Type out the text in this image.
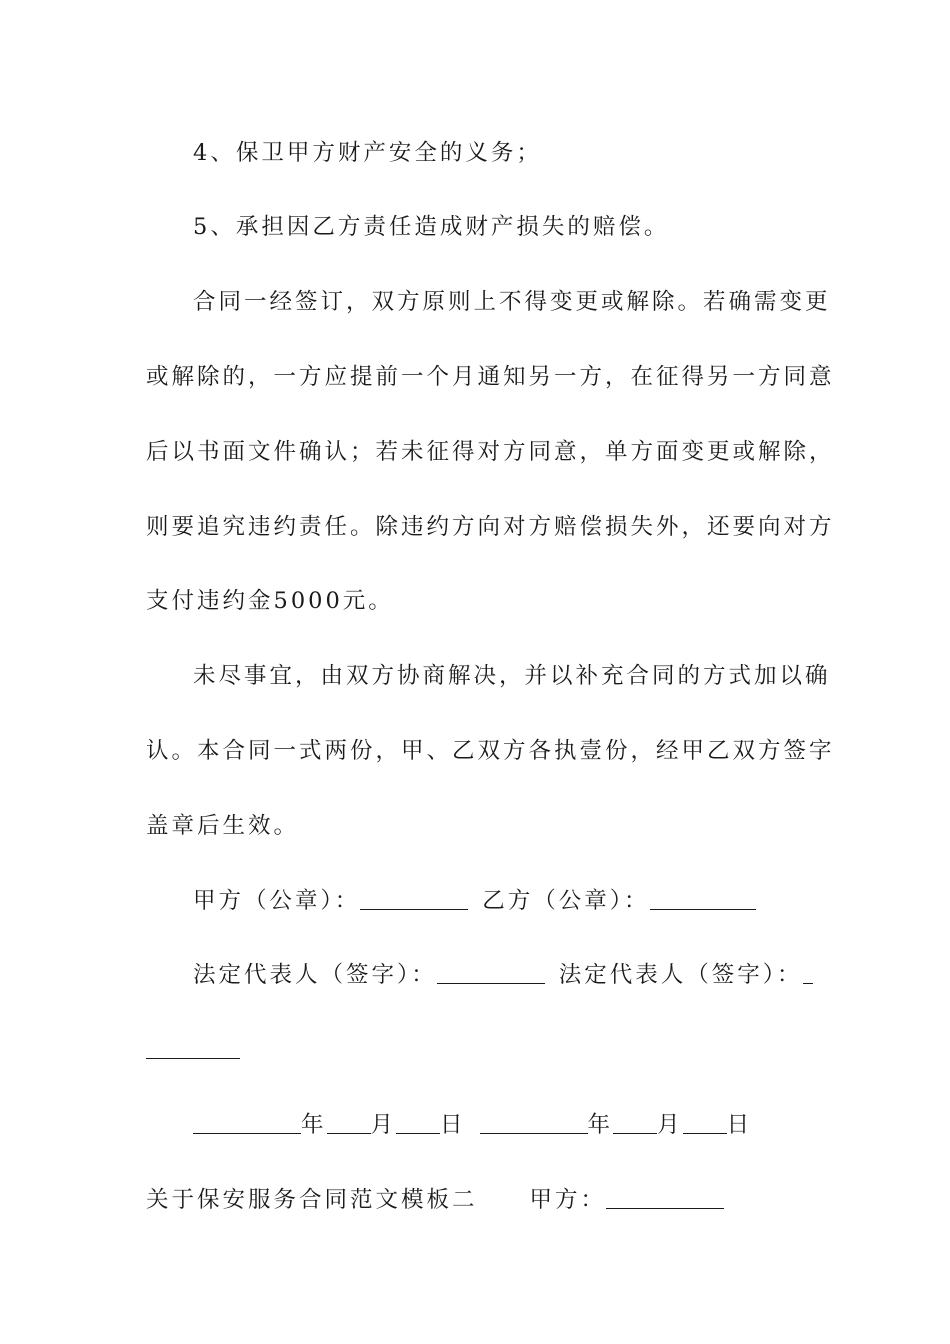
4、保卫甲方财产安全的义务；
5、承担因乙方责任造成财产损失的赔偿。
合同一经签订，双方原则上不得变更或解除。若确需变更
或解除的，一方应提前一个月通知另一方，在征得另一方同意
后以书面文件确认；若未征得对方同意，单方面变更或解除，
则要追究违约责任。除违约方向对方赔偿损失外，还要向对方
支付违约金5000元。
未尽事宜，由双方协商解决，并以补充合同的方式加以确
认。本合同一式两份，甲、乙双方各执壹份，经甲乙双方签字
盖章后生效。
甲方（公章）：	乙方（公章）：
法定代表人（签字）：	法定代表人（签字）：
年 月 日	年 月 日
关于保安服务合同范文模板二 甲方：
